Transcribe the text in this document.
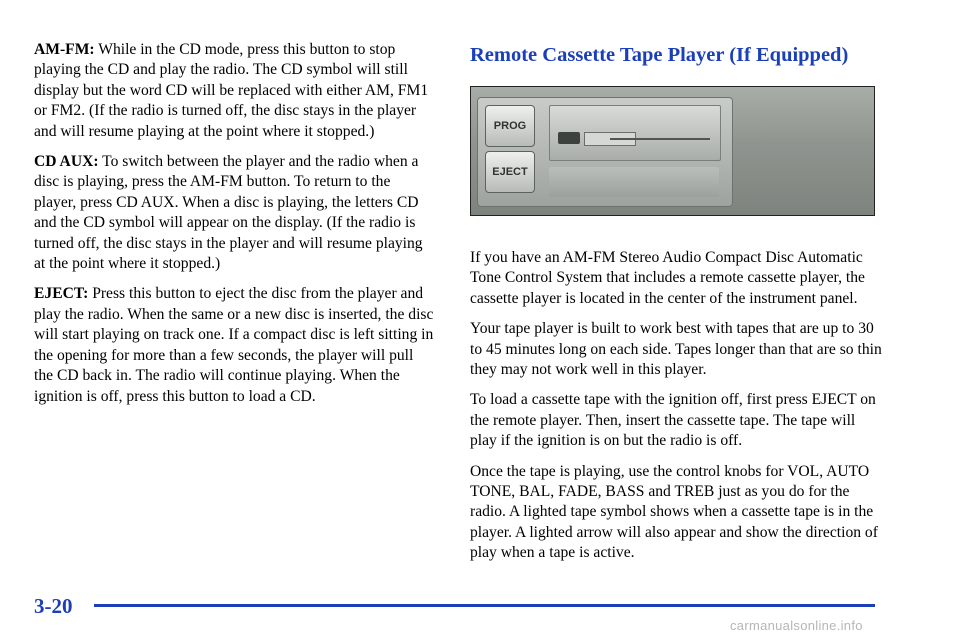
AM-FM: While in the CD mode, press this button to stop playing the CD and play the radio. The CD symbol will still display but the word CD will be replaced with either AM, FM1 or FM2. (If the radio is turned off, the disc stays in the player and will resume playing at the point where it stopped.)

CD AUX: To switch between the player and the radio when a disc is playing, press the AM-FM button. To return to the player, press CD AUX. When a disc is playing, the letters CD and the CD symbol will appear on the display. (If the radio is turned off, the disc stays in the player and will resume playing at the point where it stopped.)

EJECT: Press this button to eject the disc from the player and play the radio. When the same or a new disc is inserted, the disc will start playing on track one. If a compact disc is left sitting in the opening for more than a few seconds, the player will pull the CD back in. The radio will continue playing. When the ignition is off, press this button to load a CD.

Remote Cassette Tape Player (If Equipped)
PROG
EJECT

If you have an AM-FM Stereo Audio Compact Disc Automatic Tone Control System that includes a remote cassette player, the cassette player is located in the center of the instrument panel.

Your tape player is built to work best with tapes that are up to 30 to 45 minutes long on each side. Tapes longer than that are so thin they may not work well in this player.

To load a cassette tape with the ignition off, first press EJECT on the remote player. Then, insert the cassette tape. The tape will play if the ignition is on but the radio is off.

Once the tape is playing, use the control knobs for VOL, AUTO TONE, BAL, FADE, BASS and TREB just as you do for the radio. A lighted tape symbol shows when a cassette tape is in the player. A lighted arrow will also appear and show the direction of play when a tape is active.

3-20
carmanualsonline.info
